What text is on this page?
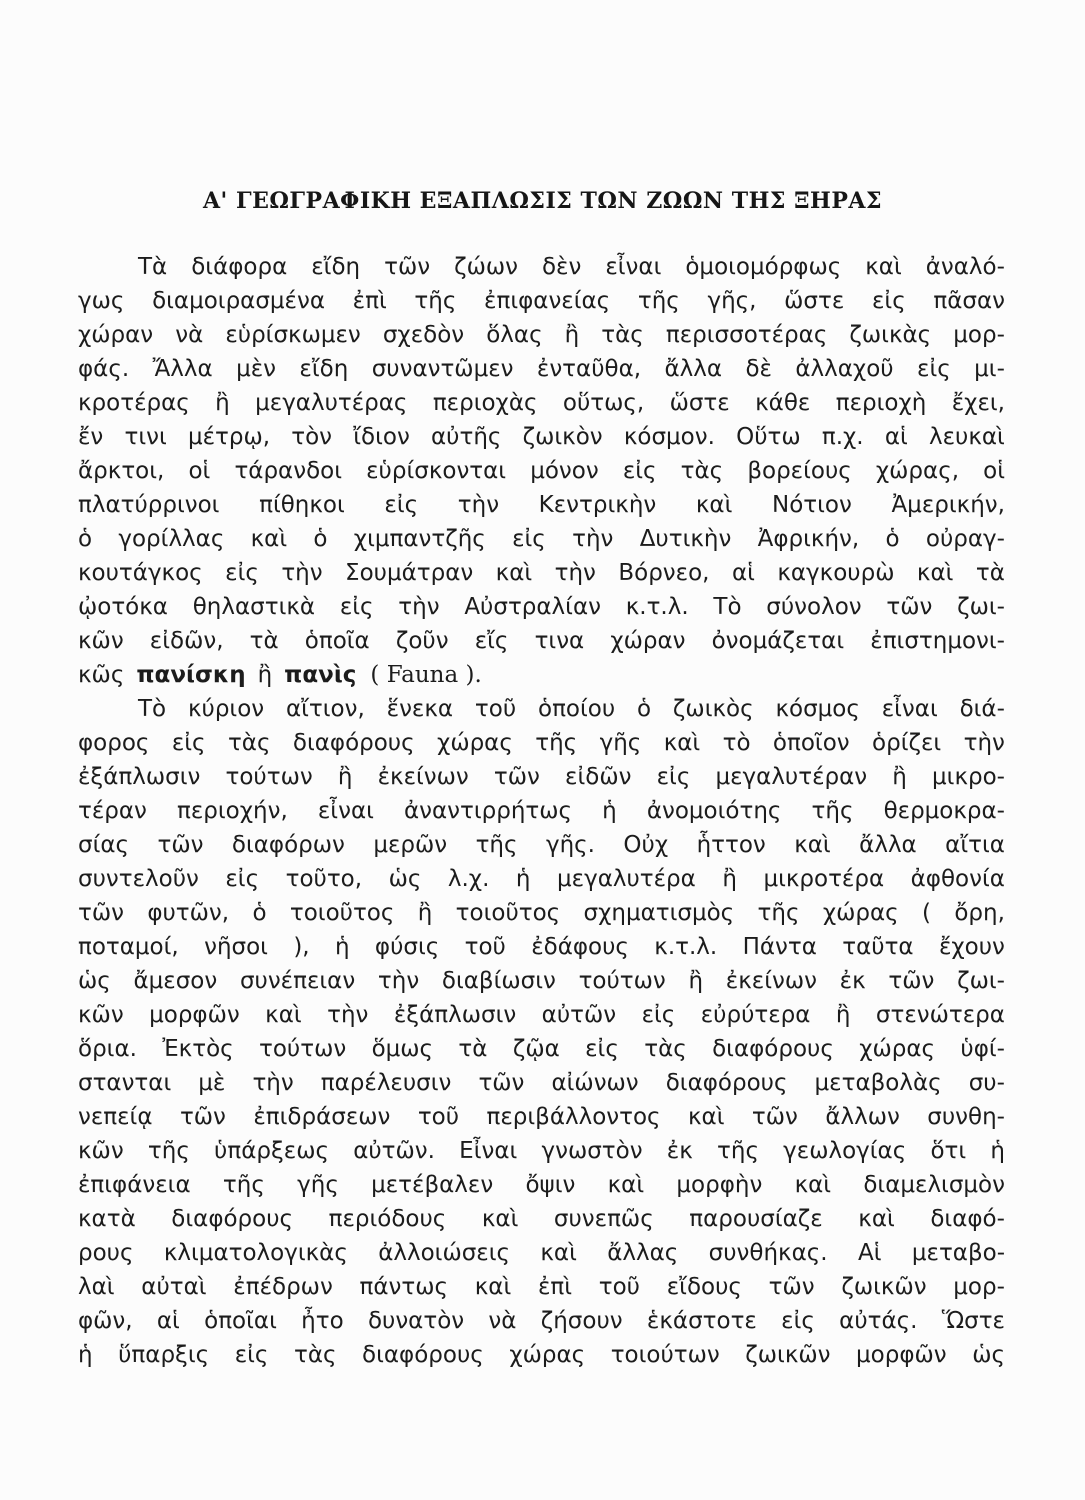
Α' ΓΕΩΓΡΑΦΙΚΗ ΕΞΑΠΛΩΣΙΣ ΤΩΝ ΖΩΩΝ ΤΗΣ ΞΗΡΑΣ
Τὰ διάφορα εἴδη τῶν ζώων δὲν εἶναι ὁμοιομόρφως καὶ ἀναλό-
γως διαμοιρασμένα ἐπὶ τῆς ἐπιφανείας τῆς γῆς, ὥστε εἰς πᾶσαν
χώραν νὰ εὑρίσκωμεν σχεδὸν ὅλας ἢ τὰς περισσοτέρας ζωικὰς μορ-
φάς. Ἄλλα μὲν εἴδη συναντῶμεν ἐνταῦθα, ἄλλα δὲ ἀλλαχοῦ εἰς μι-
κροτέρας ἢ μεγαλυτέρας περιοχὰς οὕτως, ὥστε κάθε περιοχὴ ἔχει,
ἔν τινι μέτρῳ, τὸν ἴδιον αὐτῆς ζωικὸν κόσμον. Οὕτω π.χ. αἱ λευκαὶ
ἄρκτοι, οἱ τάρανδοι εὑρίσκονται μόνον εἰς τὰς βορείους χώρας, οἱ
πλατύρρινοι πίθηκοι εἰς τὴν Κεντρικὴν καὶ Νότιον Ἀμερικήν,
ὁ γορίλλας καὶ ὁ χιμπαντζῆς εἰς τὴν Δυτικὴν Ἀφρικήν, ὁ οὐραγ-
κουτάγκος εἰς τὴν Σουμάτραν καὶ τὴν Βόρνεο, αἱ καγκουρὼ καὶ τὰ
ᾠοτόκα θηλαστικὰ εἰς τὴν Αὐστραλίαν κ.τ.λ. Τὸ σύνολον τῶν ζωι-
κῶν εἰδῶν, τὰ ὁποῖα ζοῦν εἴς τινα χώραν ὀνομάζεται ἐπιστημονι-
κῶς πανίσκη ἢ πανὶς ( Fauna ).
Τὸ κύριον αἴτιον, ἕνεκα τοῦ ὁποίου ὁ ζωικὸς κόσμος εἶναι διά-
φορος εἰς τὰς διαφόρους χώρας τῆς γῆς καὶ τὸ ὁποῖον ὁρίζει τὴν
ἐξάπλωσιν τούτων ἢ ἐκείνων τῶν εἰδῶν εἰς μεγαλυτέραν ἢ μικρο-
τέραν περιοχήν, εἶναι ἀναντιρρήτως ἡ ἀνομοιότης τῆς θερμοκρα-
σίας τῶν διαφόρων μερῶν τῆς γῆς. Οὐχ ἧττον καὶ ἄλλα αἴτια
συντελοῦν εἰς τοῦτο, ὡς λ.χ. ἡ μεγαλυτέρα ἢ μικροτέρα ἀφθονία
τῶν φυτῶν, ὁ τοιοῦτος ἢ τοιοῦτος σχηματισμὸς τῆς χώρας ( ὄρη,
ποταμοί, νῆσοι ), ἡ φύσις τοῦ ἐδάφους κ.τ.λ. Πάντα ταῦτα ἔχουν
ὡς ἄμεσον συνέπειαν τὴν διαβίωσιν τούτων ἢ ἐκείνων ἐκ τῶν ζωι-
κῶν μορφῶν καὶ τὴν ἐξάπλωσιν αὐτῶν εἰς εὐρύτερα ἢ στενώτερα
ὅρια. Ἐκτὸς τούτων ὅμως τὰ ζῷα εἰς τὰς διαφόρους χώρας ὑφί-
στανται μὲ τὴν παρέλευσιν τῶν αἰώνων διαφόρους μεταβολὰς συ-
νεπείᾳ τῶν ἐπιδράσεων τοῦ περιβάλλοντος καὶ τῶν ἄλλων συνθη-
κῶν τῆς ὑπάρξεως αὐτῶν. Εἶναι γνωστὸν ἐκ τῆς γεωλογίας ὅτι ἡ
ἐπιφάνεια τῆς γῆς μετέβαλεν ὄψιν καὶ μορφὴν καὶ διαμελισμὸν
κατὰ διαφόρους περιόδους καὶ συνεπῶς παρουσίαζε καὶ διαφό-
ρους κλιματολογικὰς ἀλλοιώσεις καὶ ἄλλας συνθήκας. Αἱ μεταβο-
λαὶ αὐταὶ ἐπέδρων πάντως καὶ ἐπὶ τοῦ εἴδους τῶν ζωικῶν μορ-
φῶν, αἱ ὁποῖαι ἦτο δυνατὸν νὰ ζήσουν ἑκάστοτε εἰς αὐτάς. Ὥστε
ἡ ὕπαρξις εἰς τὰς διαφόρους χώρας τοιούτων ζωικῶν μορφῶν ὡς
